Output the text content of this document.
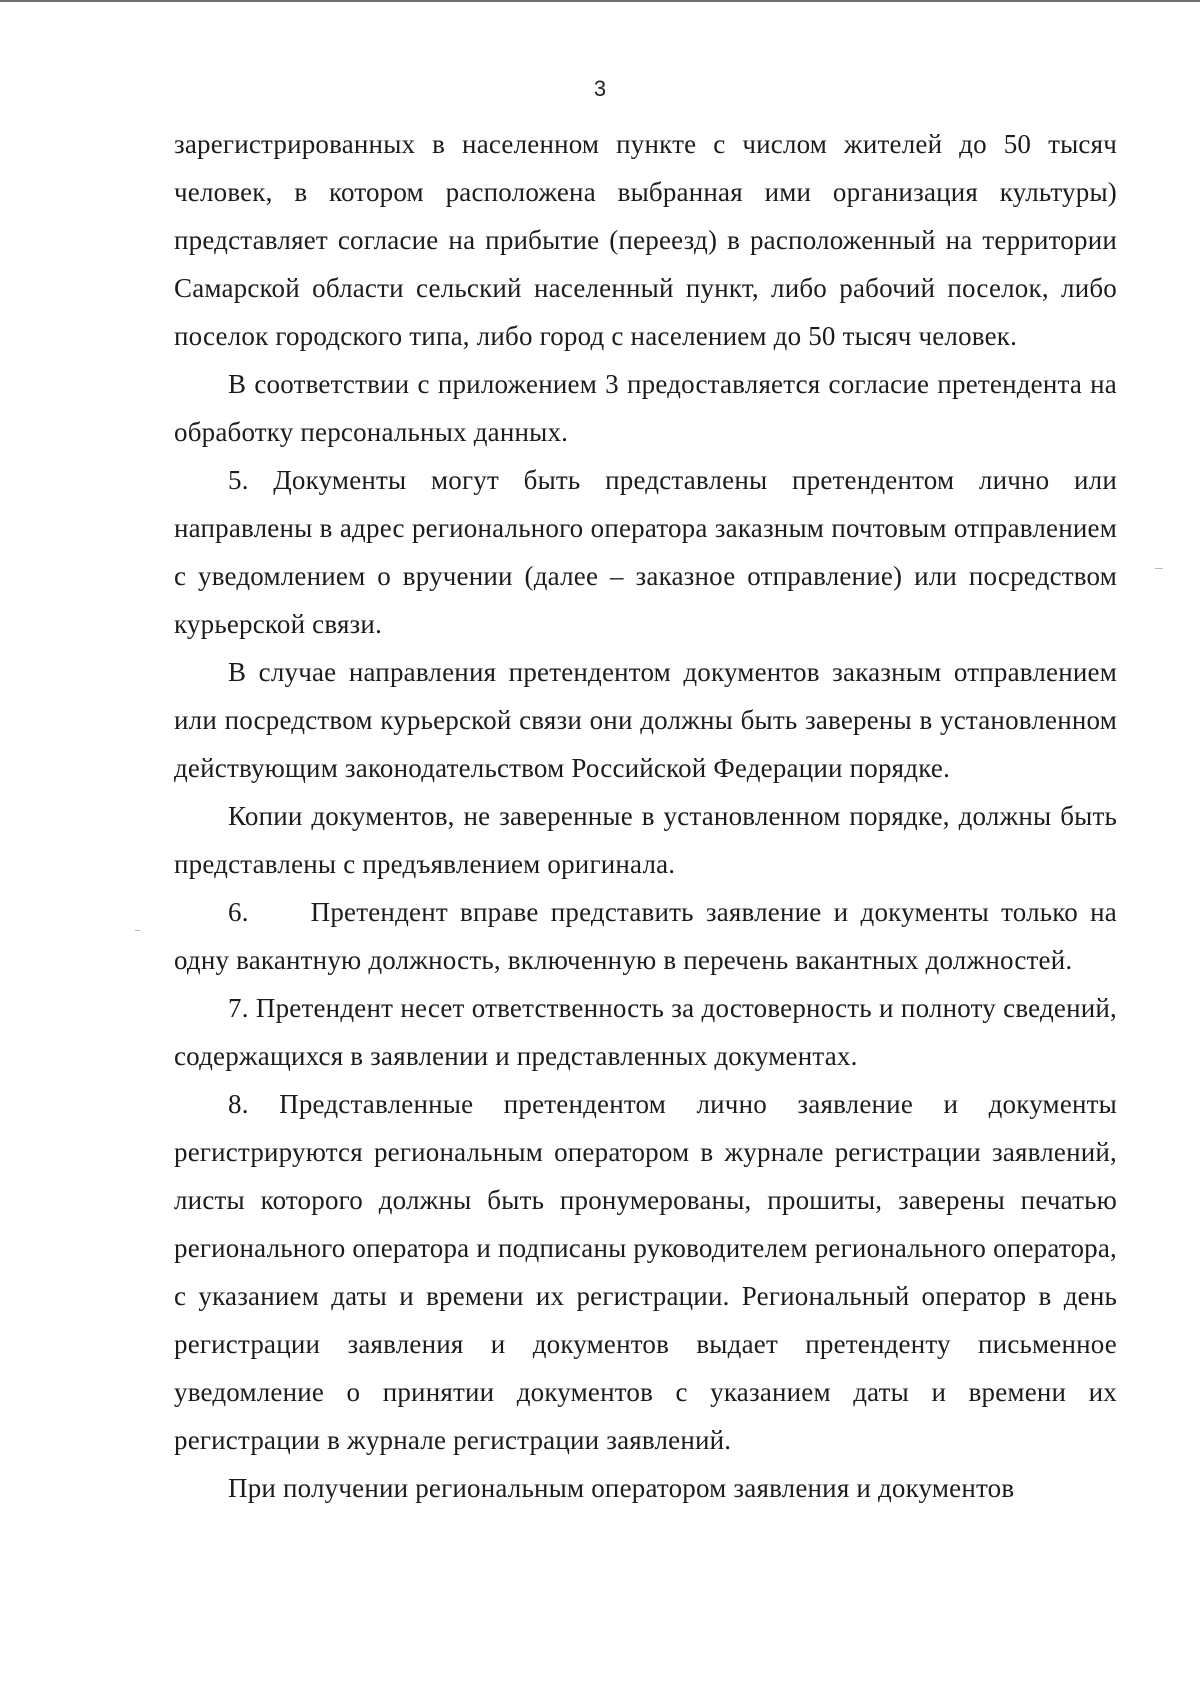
3

зарегистрированных в населенном пункте с числом жителей до 50 тысяч человек, в котором расположена выбранная ими организация культуры) представляет согласие на прибытие (переезд) в расположенный на территории Самарской области сельский населенный пункт, либо рабочий поселок, либо поселок городского типа, либо город с населением до 50 тысяч человек.

В соответствии с приложением 3 предоставляется согласие претендента на обработку персональных данных.

5. Документы могут быть представлены претендентом лично или направлены в адрес регионального оператора заказным почтовым отправлением с уведомлением о вручении (далее – заказное отправление) или посредством курьерской связи.

В случае направления претендентом документов заказным отправлением или посредством курьерской связи они должны быть заверены в установленном действующим законодательством Российской Федерации порядке.

Копии документов, не заверенные в установленном порядке, должны быть представлены с предъявлением оригинала.

6. Претендент вправе представить заявление и документы только на одну вакантную должность, включенную в перечень вакантных должностей.

7. Претендент несет ответственность за достоверность и полноту сведений, содержащихся в заявлении и представленных документах.

8. Представленные претендентом лично заявление и документы регистрируются региональным оператором в журнале регистрации заявлений, листы которого должны быть пронумерованы, прошиты, заверены печатью регионального оператора и подписаны руководителем регионального оператора, с указанием даты и времени их регистрации. Региональный оператор в день регистрации заявления и документов выдает претенденту письменное уведомление о принятии документов с указанием даты и времени их регистрации в журнале регистрации заявлений.

При получении региональным оператором заявления и документов
